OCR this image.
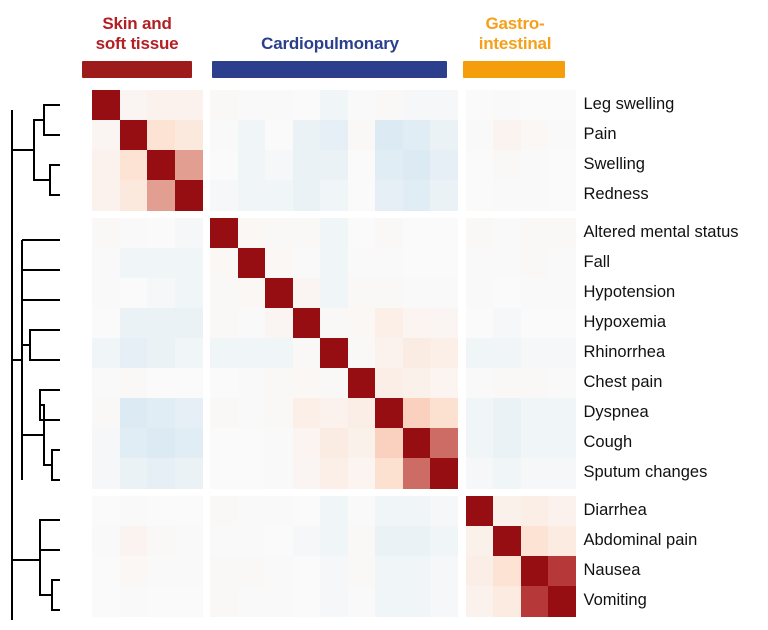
Skin and
soft tissue	Cardiopulmonary
Gastro-
intestinal
Leg swelling
Pain
Swelling
Redness
Altered mental status
Fall
Hypotension
Hypoxemia
Rhinorrhea
Chest pain
Dyspnea
Cough
Sputum changes
Diarrhea
Abdominal pain
Nausea
Vomiting
